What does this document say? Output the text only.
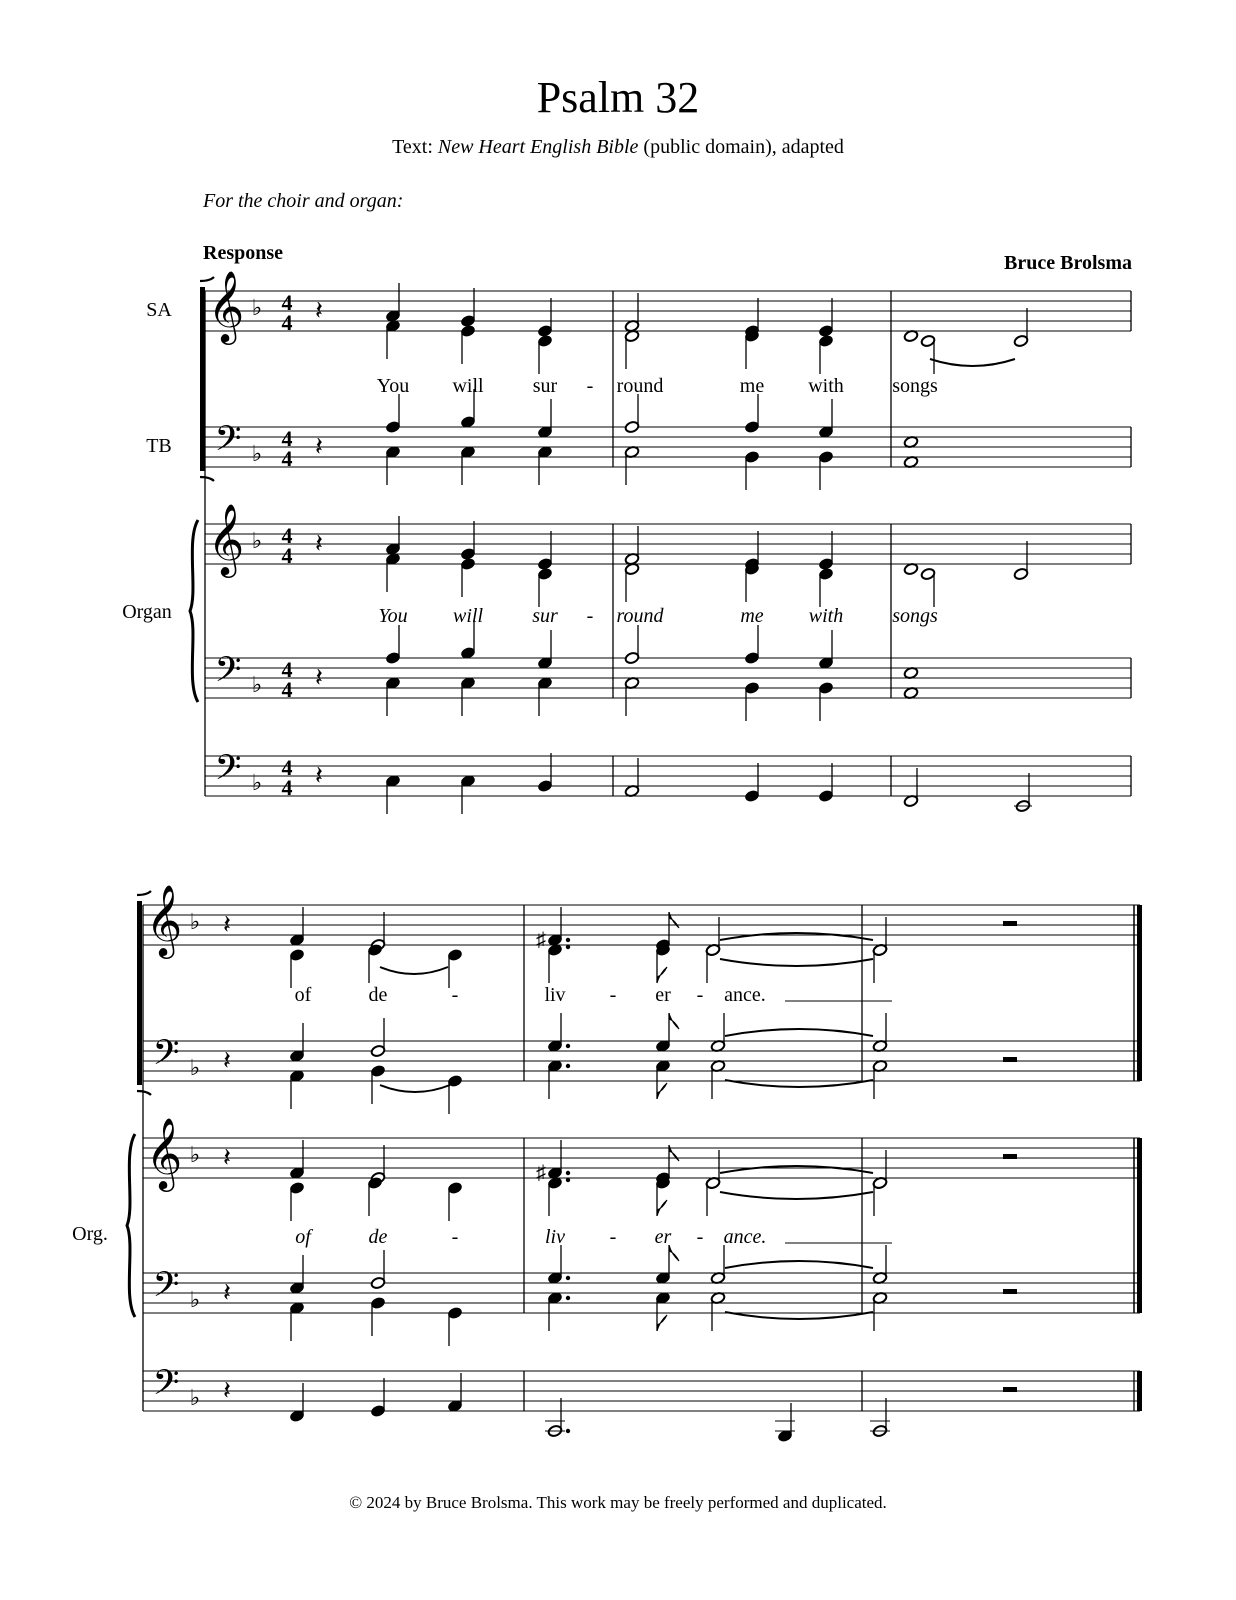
Psalm 32
Text: New Heart English Bible (public domain), adapted
For the choir and organ:
Response	Bruce Brolsma
SA
TB
Organ
𝄞 ♭ 4
4 𝄽
𝄢 ♭
4
4 𝄽
𝄞 ♭ 4
4 𝄽
𝄢 ♭
4
4 𝄽
𝄢 ♭
4
4 𝄽
You will sur - round	me with songs
You will sur - round	me with songs
Org.
𝄞 ♭ 𝄽
𝄢 ♭ 𝄽
𝄞 ♭ 𝄽
𝄢 ♭ 𝄽
𝄢 ♭ 𝄽
♯
♯
of	de	-	liv - er - ance.
of	de	-	liv - er - ance.
© 2024 by Bruce Brolsma. This work may be freely performed and duplicated.
